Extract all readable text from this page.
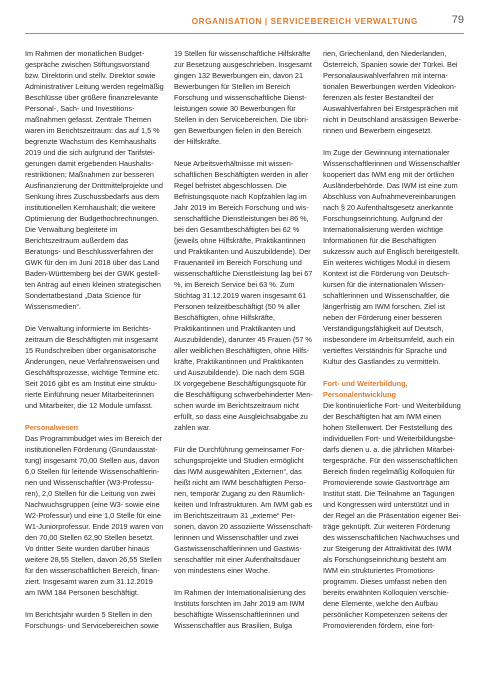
ORGANISATION | SERVICEBEREICH VERWALTUNG	79

Im Rahmen der monatlichen Budgetgespräche zwischen Stiftungsvorstand bzw. Direktorin und stellv. Direktor sowie Administrativer Leitung werden regelmäßig Beschlüsse über größere finanzrelevante Personal-, Sach- und Investitionsmaßnahmen gefasst. Zentrale Themen waren im Berichtszeitraum: das auf 1,5 % begrenzte Wachstum des Kernhaushalts 2019 und die sich aufgrund der Tarifsteigerungen damit ergebenden Haushaltsrestriktionen; Maßnahmen zur besseren Ausfinanzierung der Drittmittelprojekte und Senkung ihres Zuschussbedarfs aus dem institutionellen Kernhaushalt; die weitere Optimierung der Budgethochrechnungen. Die Verwaltung begleitete im Berichtszeitraum außerdem das Beratungs- und Beschlussverfahren der GWK für den im Juni 2018 über das Land Baden-Württemberg bei der GWK gestellten Antrag auf einen kleinen strategischen Sondertatbestand „Data Science für Wissensmedien“.

Die Verwaltung informierte im Berichtszeitraum die Beschäftigten mit insgesamt 15 Rundschreiben über organisatorische Änderungen, neue Verfahrensweisen und Geschäftsprozesse, wichtige Termine etc. Seit 2016 gibt es am Institut eine strukturierte Einführung neuer Mitarbeiterinnen und Mitarbeiter, die 12 Module umfasst.

Personalwesen

Das Programmbudget wies im Bereich der institutionellen Förderung (Grundausstattung) insgesamt 70,00 Stellen aus, davon 6,0 Stellen für leitende Wissenschaftlerinnen und Wissenschaftler (W3-Professuren), 2,0 Stellen für die Leitung von zwei Nachwuchsgruppen (eine W3- sowie eine W2-Professur) und eine 1,0 Stelle für eine W1-Juniorprofessur. Ende 2019 waren von den 70,00 Stellen 62,90 Stellen besetzt. Vo dritter Seite wurden darüber hinaus weitere 28,55 Stellen, davon 26,55 Stellen für den wissenschaftlichen Bereich, finanziert. Insgesamt waren zum 31.12.2019 am IWM 184 Personen beschäftigt.

Im Berichtsjahr wurden 5 Stellen in den Forschungs- und Servicebereichen sowie

19 Stellen für wissenschaftliche Hilfskräfte zur Besetzung ausgeschrieben. Insgesamt gingen 132 Bewerbungen ein, davon 21 Bewerbungen für Stellen im Bereich Forschung und wissenschaftliche Dienstleistungen sowie 30 Bewerbungen für Stellen in den Servicebereichen. Die übrigen Bewerbungen fielen in den Bereich der Hilfskräfte.

Neue Arbeitsverhältnisse mit wissenschaftlichen Beschäftigten werden in aller Regel befristet abgeschlossen. Die Befristungsquote nach Kopfzahlen lag im Jahr 2019 im Bereich Forschung und wissenschaftliche Dienstleistungen bei 86 %, bei den Gesamtbeschäftigten bei 62 % (jeweils ohne Hilfskräfte, Praktikantinnen und Praktikanten und Auszubildende). Der Frauenanteil im Bereich Forschung und wissenschaftliche Dienstleistung lag bei 67 %, im Bereich Service bei 63 %. Zum Stichtag 31.12.2019 waren insgesamt 61 Personen teilzeitbeschäftigt (50 % aller Beschäftigten, ohne Hilfskräfte, Praktikantinnen und Praktikanten und Auszubildende), darunter 45 Frauen (57 % aller weiblichen Beschäftigten, ohne Hilfskräfte, Praktikantinnen und Praktikanten und Auszubildende). Die nach dem SGB IX vorgegebene Beschäftigungsquote für die Beschäftigung schwerbehinderter Menschen wurde im Berichtszeitraum nicht erfüllt, so dass eine Ausgleichsabgabe zu zahlen war.

Für die Durchführung gemeinsamer Forschungsprojekte und Studien ermöglicht das IWM ausgewählten „Externen“, das heißt nicht am IWM beschäftigten Personen, temporär Zugang zu den Räumlichkeiten und Infrastrukturen. Am IWM gab es im Berichtszeitraum 31 „externe“ Personen, davon 20 assoziierte Wissenschaftlerinnen und Wissenschaftler und zwei Gastwissenschaftlerinnen und Gastwissenschaftler mit einer Aufenthaltsdauer von mindestens einer Woche.

Im Rahmen der Internationalisierung des Instituts forschten im Jahr 2019 am IWM beschäftigte Wissenschaftlerinnen und Wissenschaftler aus Brasilien, Bulga

rien, Griechenland, den Niederlanden, Österreich, Spanien sowie der Türkei. Bei Personalauswahlverfahren mit internationalen Bewerbungen werden Videokonferenzen als fester Bestandteil der Auswahlverfahren bei Erstgesprächen mit nicht in Deutschland ansässigen Bewerberinnen und Bewerbern eingesetzt.

Im Zuge der Gewinnung internationaler Wissenschaftlerinnen und Wissenschaftler kooperiert das IWM eng mit der örtlichen Ausländerbehörde. Das IWM ist eine zum Abschluss von Aufnahmevereinbarungen nach § 20 Aufenthaltsgesetz anerkannte Forschungseinrichtung. Aufgrund der Internationalisierung werden wichtige Informationen für die Beschäftigten sukzessiv auch auf Englisch bereitgestellt. Ein weiteres wichtiges Modul in diesem Kontext ist die Förderung von Deutschkursen für die internationalen Wissenschaftlerinnen und Wissenschaftler, die längerfristig am IWM forschen. Ziel ist neben der Förderung einer besseren Verständigungsfähigkeit auf Deutsch, insbesondere im Arbeitsumfeld, auch ein vertieftes Verständnis für Sprache und Kultur des Gastlandes zu vermitteln.

Fort- und Weiterbildung, Personalentwicklung

Die kontinuierliche Fort- und Weiterbildung der Beschäftigten hat am IWM einen hohen Stellenwert. Der Feststellung des individuellen Fort- und Weiterbildungsbedarfs dienen u. a. die jährlichen Mitarbeitergespräche. Für den wissenschaftlichen Bereich finden regelmäßig Kolloquien für Promovierende sowie Gastvorträge am Institut statt. Die Teilnahme an Tagungen und Kongressen wird unterstützt und in der Regel an die Präsentation eigener Beiträge geknüpft. Zur weiteren Förderung des wissenschaftlichen Nachwuchses und zur Steigerung der Attraktivität des IWM als Forschungseinrichtung besteht am IWM ein strukturiertes Promotionsprogramm. Dieses umfasst neben den bereits erwähnten Kolloquien verschiedene Elemente, welche den Aufbau persönlicher Kompetenzen seitens der Promovierenden fördern, eine fort-
